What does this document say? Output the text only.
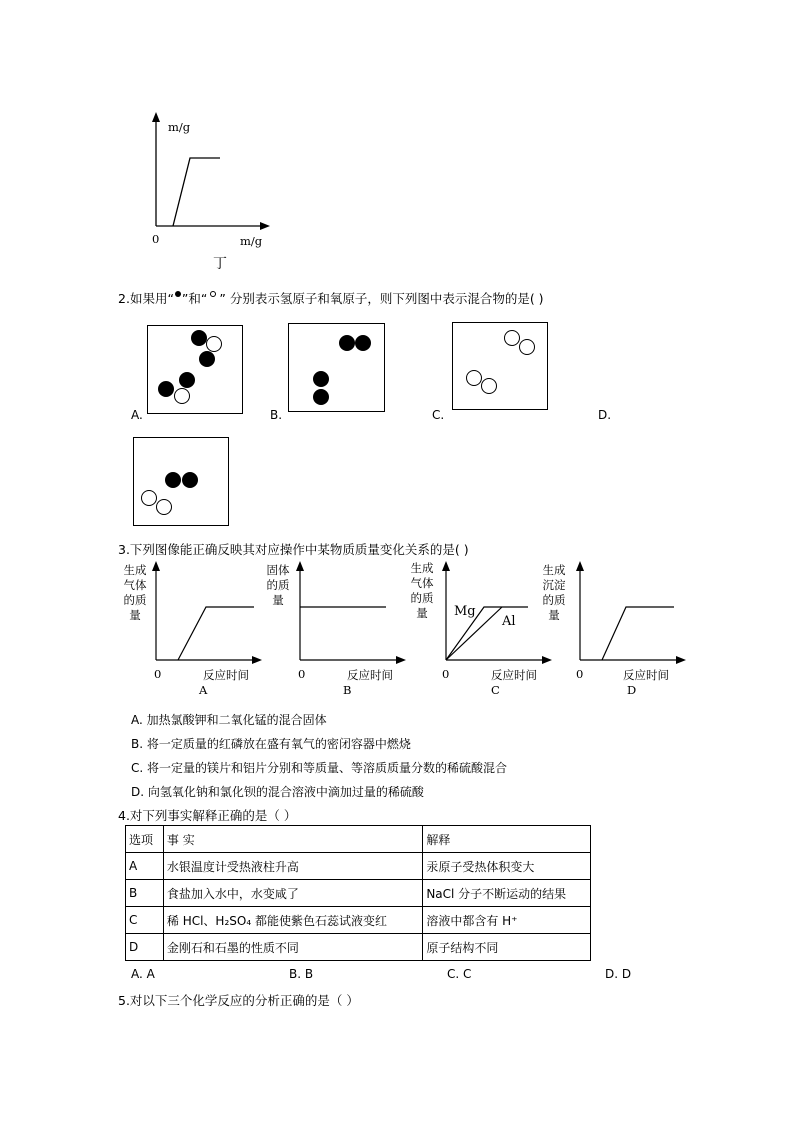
m/g
0	m/g
丁
2.如果用“ ”和“ ” 分别表示氢原子和氧原子，则下列图中表示混合物的是( )
A.	B.	C.	D.
3.下列图像能正确反映其对应操作中某物质质量变化关系的是( )
生成
气体
的质
量
0	反应时间
A
固体
的质
量
0	反应时间
B
生成
气体
的质
量	Mg
Al
0	反应时间
C
生成
沉淀
的质
量
0	反应时间
D
A. 加热氯酸钾和二氧化锰的混合固体
B. 将一定质量的红磷放在盛有氧气的密闭容器中燃烧
C. 将一定量的镁片和铝片分别和等质量、等溶质质量分数的稀硫酸混合
D. 向氢氧化钠和氯化钡的混合溶液中滴加过量的稀硫酸
4.对下列事实解释正确的是（ ）
选项	事 实	解释
A	水银温度计受热液柱升高	汞原子受热体积变大
B	食盐加入水中，水变咸了	NaCl 分子不断运动的结果
C	稀 HCl、H₂SO₄ 都能使紫色石蕊试液变红	溶液中都含有 H⁺
D	金刚石和石墨的性质不同	原子结构不同
A. A	B. B	C. C	D. D
5.对以下三个化学反应的分析正确的是（ ）
